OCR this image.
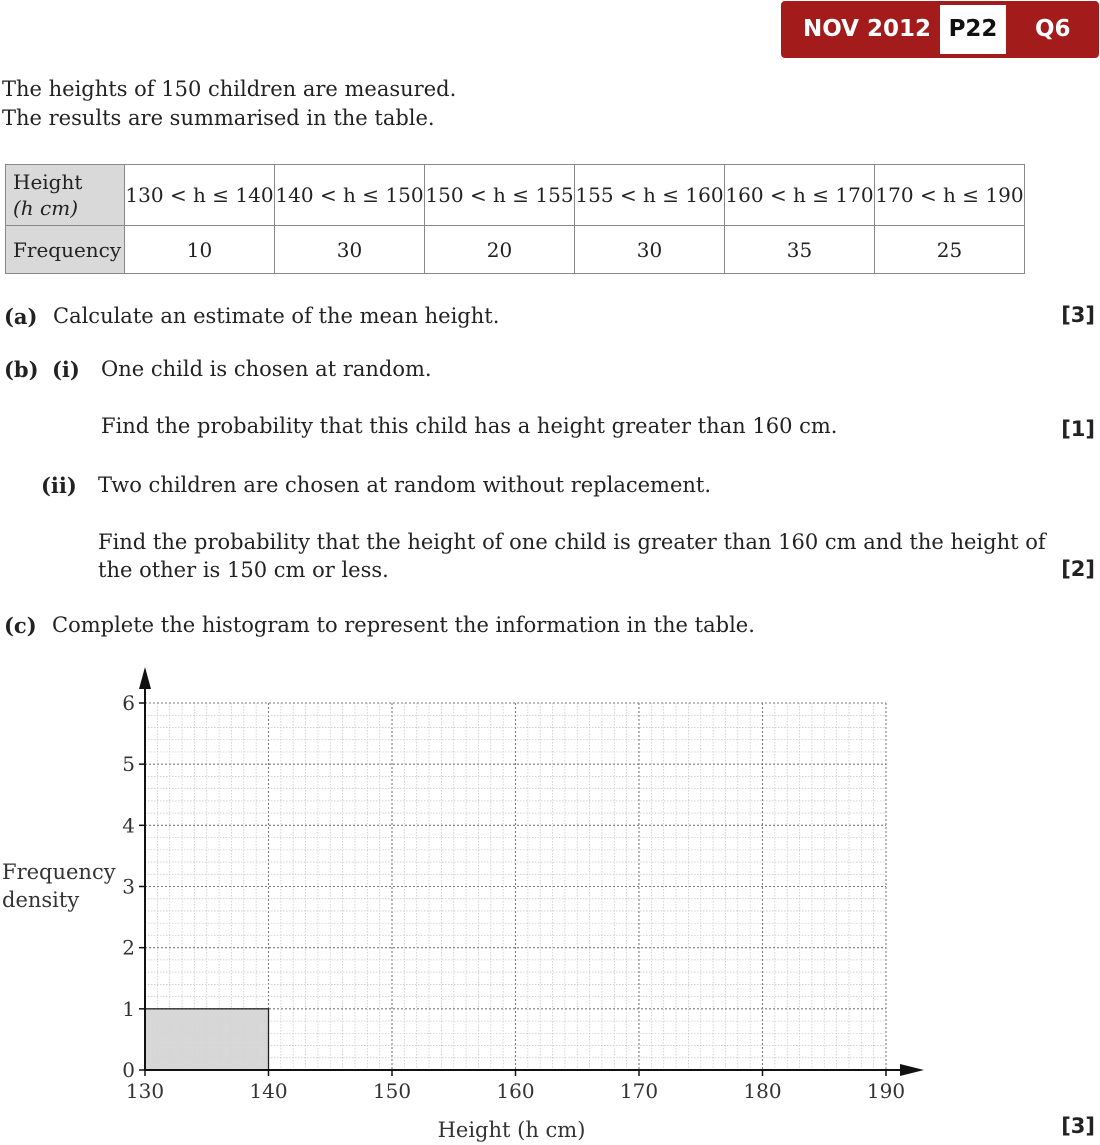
NOV 2012 P22	Q6
The heights of 150 children are measured.
The results are summarised in the table.
Height
(h cm)	130 < h ≤ 140	140 < h ≤ 150	150 < h ≤ 155	155 < h ≤ 160	160 < h ≤ 170	170 < h ≤ 190
Frequency	10	30	20	30	35	25
(a) Calculate an estimate of the mean height.	[3]
(b) (i) One child is chosen at random.
Find the probability that this child has a height greater than 160 cm.	[1]
(ii) Two children are chosen at random without replacement.
Find the probability that the height of one child is greater than 160 cm and the height of
the other is 150 cm or less.	[2]
(c) Complete the histogram to represent the information in the table.
[3]
0
1
2
3
4
5
6
130	140	150	160	170	180	190
Height (h cm)
Frequency
density
